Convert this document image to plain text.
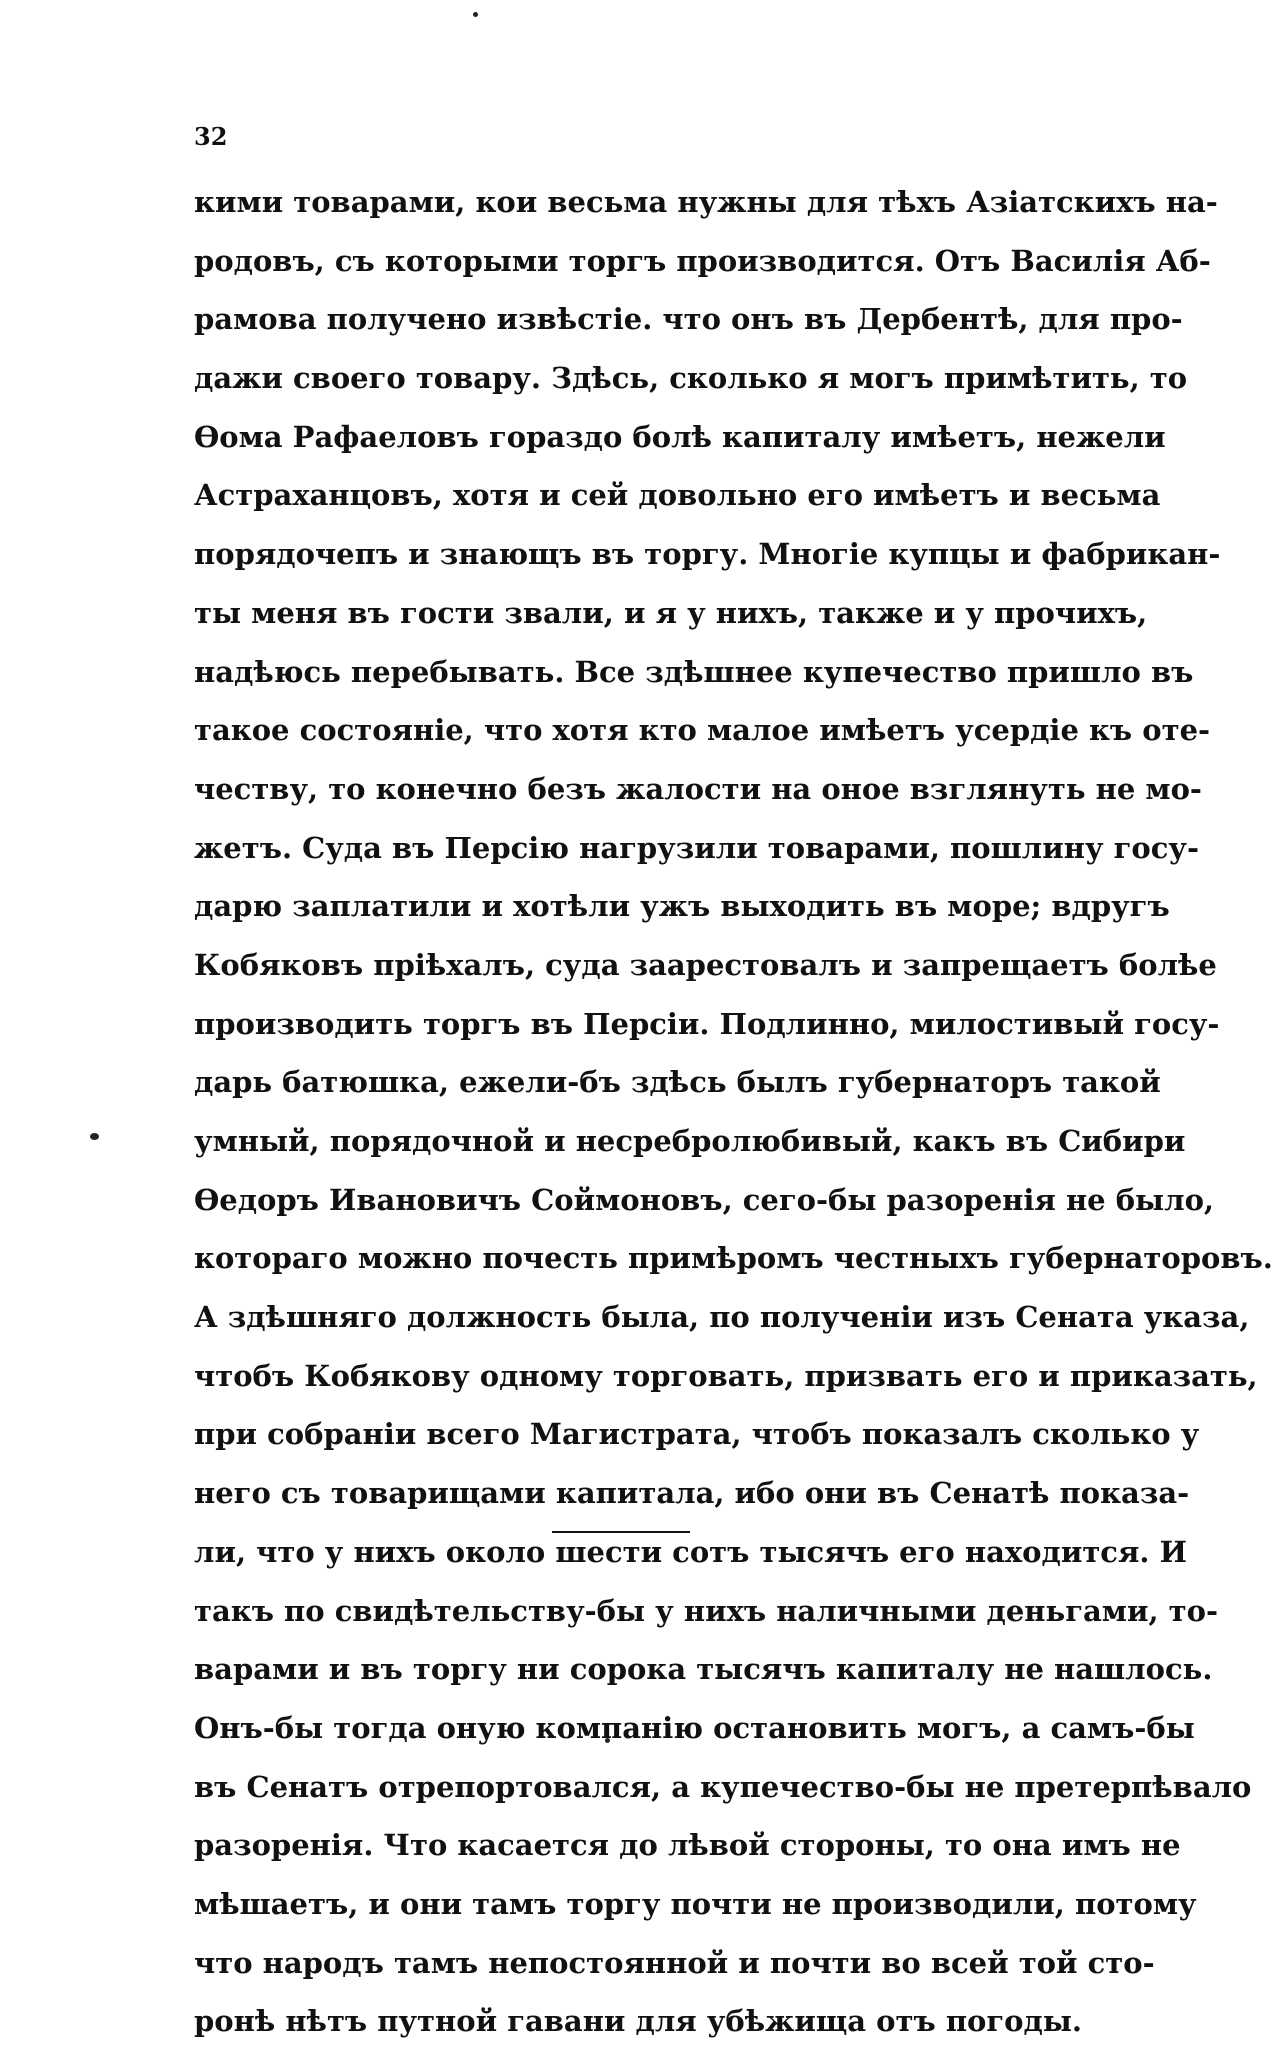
32
кими товарами, кои весьма нужны для тѣхъ Азіатскихъ на-
родовъ, съ которыми торгъ производится. Отъ Василія Аб-
рамова получено извѣстіе. что онъ въ Дербентѣ, для про-
дажи своего товару. Здѣсь, сколько я могъ примѣтить, то
Ѳома Рафаеловъ гораздо болѣ капиталу имѣетъ, нежели
Астраханцовъ, хотя и сей довольно его имѣетъ и весьма
порядочепъ и знающъ въ торгу. Многіе купцы и фабрикан-
ты меня въ гости звали, и я у нихъ, также и у прочихъ,
надѣюсь перебывать. Все здѣшнее купечество пришло въ
такое состояніе, что хотя кто малое имѣетъ усердіе къ оте-
честву, то конечно безъ жалости на оное взглянуть не мо-
жетъ. Суда въ Персію нагрузили товарами, пошлину госу-
дарю заплатили и хотѣли ужъ выходить въ море; вдругъ
Кобяковъ пріѣхалъ, суда заарестовалъ и запрещаетъ болѣе
производить торгъ въ Персіи. Подлинно, милостивый госу-
дарь батюшка, ежели-бъ здѣсь былъ губернаторъ такой
умный, порядочной и несребролюбивый, какъ въ Сибири
Ѳедоръ Ивановичъ Соймоновъ, сего-бы разоренія не было,
котораго можно почесть примѣромъ честныхъ губернаторовъ.
А здѣшняго должность была, по полученіи изъ Сената указа,
чтобъ Кобякову одному торговать, призвать его и приказать,
при собраніи всего Магистрата, чтобъ показалъ сколько у
него съ товарищами капитала, ибо они въ Сенатѣ показа-
ли, что у нихъ около шести сотъ тысячъ его находится. И
такъ по свидѣтельству-бы у нихъ наличными деньгами, то-
варами и въ торгу ни сорока тысячъ капиталу не нашлось.
Онъ-бы тогда оную компанію остановить могъ, а самъ-бы
въ Сенатъ отрепортовался, а купечество-бы не претерпѣвало
разоренія. Что касается до лѣвой стороны, то она имъ не
мѣшаетъ, и они тамъ торгу почти не производили, потому
что народъ тамъ непостоянной и почти во всей той сто-
ронѣ нѣтъ путной гавани для убѣжища отъ погоды.
